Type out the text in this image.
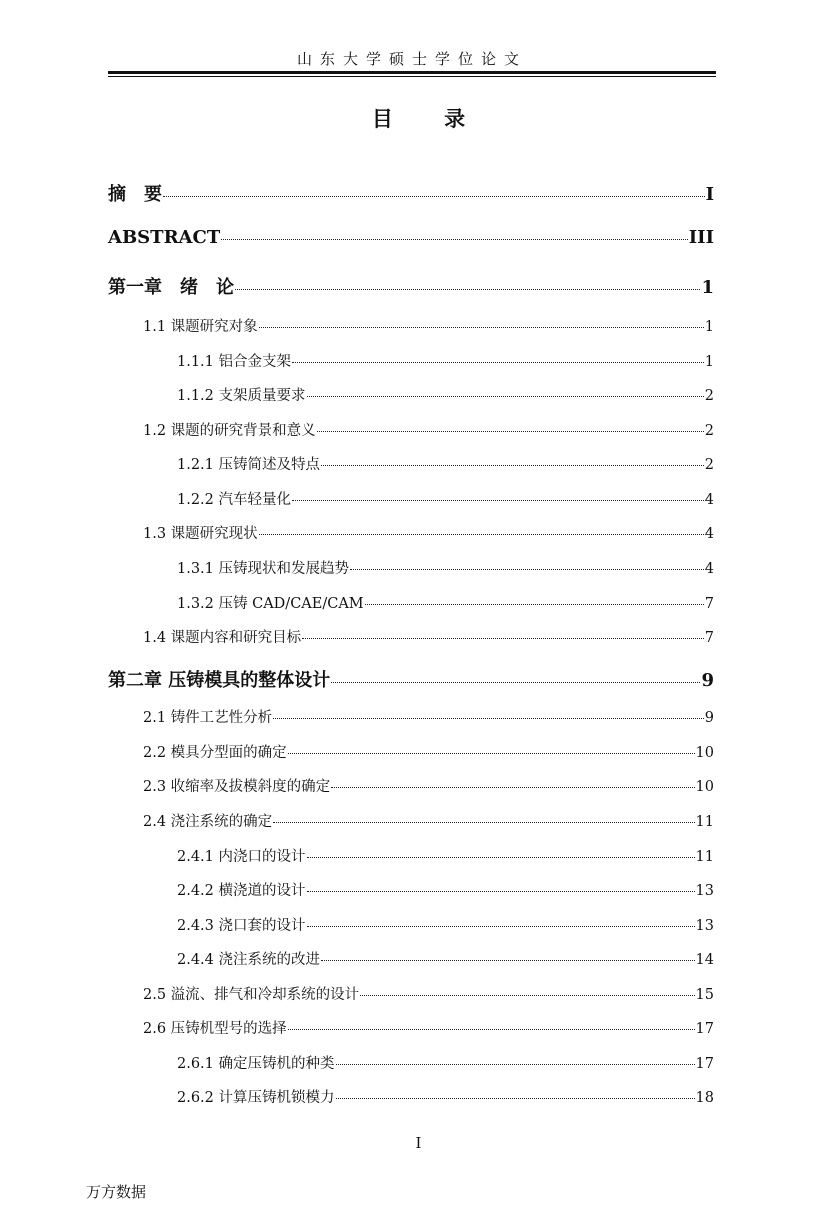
山东大学硕士学位论文
目 录
摘　要	I
ABSTRACT	III
第一章　绪　论	1
1.1 课题研究对象	1
1.1.1 铝合金支架	1
1.1.2 支架质量要求	2
1.2 课题的研究背景和意义	2
1.2.1 压铸简述及特点	2
1.2.2 汽车轻量化	4
1.3 课题研究现状	4
1.3.1 压铸现状和发展趋势	4
1.3.2 压铸 CAD/CAE/CAM	7
1.4 课题内容和研究目标	7
第二章 压铸模具的整体设计	9
2.1 铸件工艺性分析	9
2.2 模具分型面的确定	10
2.3 收缩率及拔模斜度的确定	10
2.4 浇注系统的确定	11
2.4.1 内浇口的设计	11
2.4.2 横浇道的设计	13
2.4.3 浇口套的设计	13
2.4.4 浇注系统的改进	14
2.5 溢流、排气和冷却系统的设计	15
2.6 压铸机型号的选择	17
2.6.1 确定压铸机的种类	17
2.6.2 计算压铸机锁模力	18
I
万方数据
